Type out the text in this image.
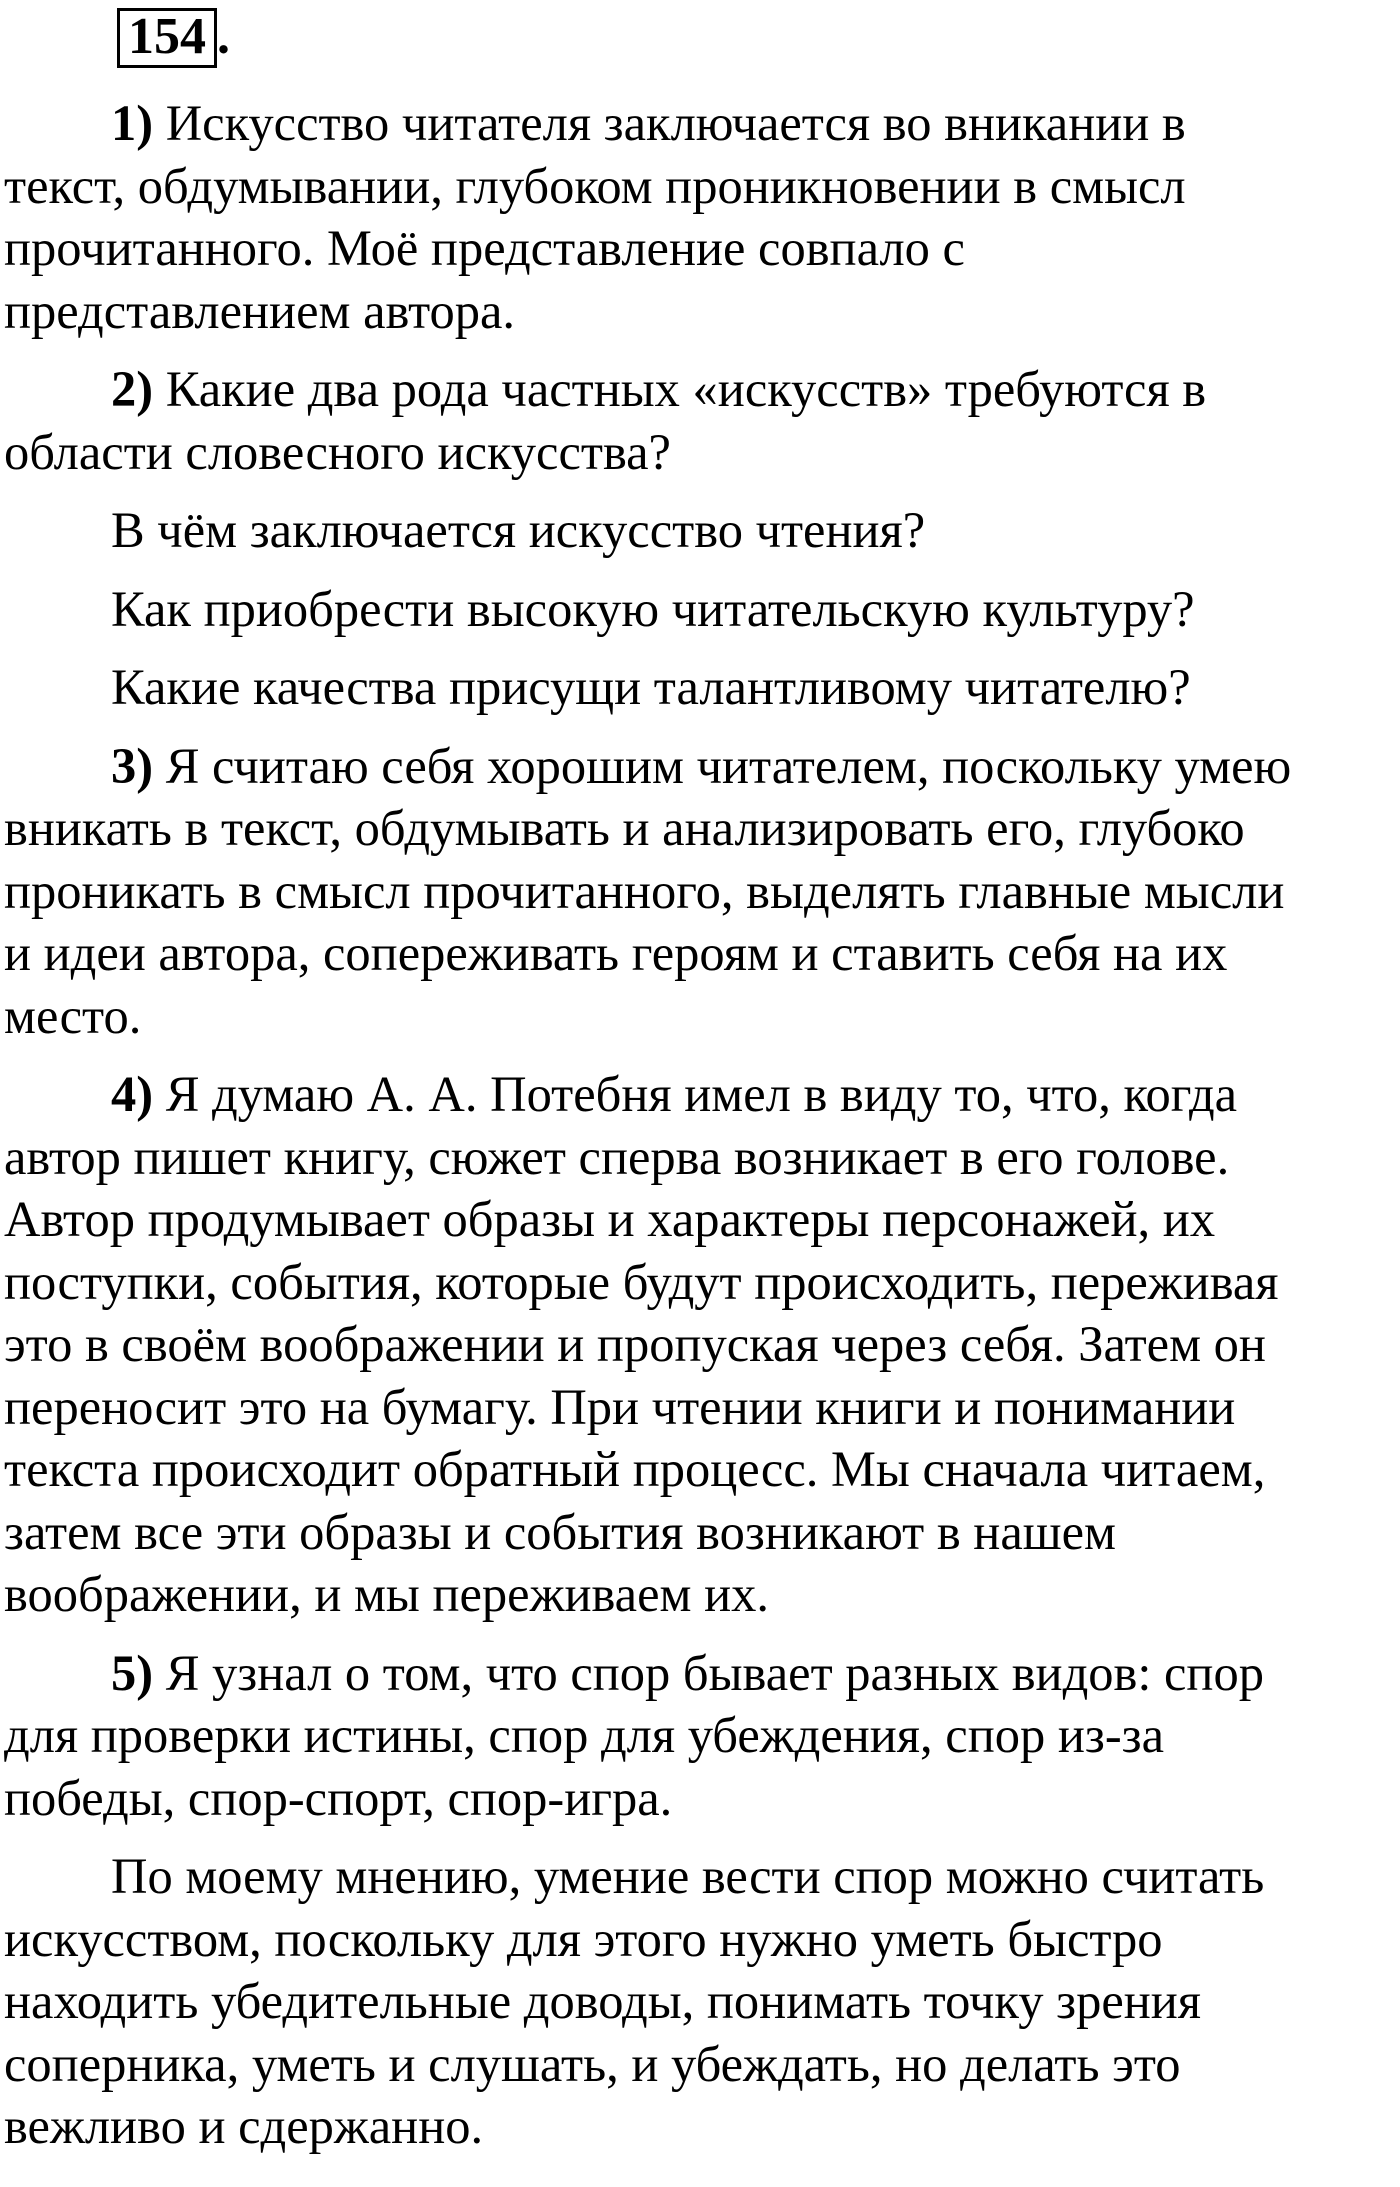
154 .

1) Искусство читателя заключается во вникании в
текст, обдумывании, глубоком проникновении в смысл
прочитанного. Моё представление совпало с
представлением автора.

2) Какие два рода частных «искусств» требуются в
области словесного искусства?

В чём заключается искусство чтения?

Как приобрести высокую читательскую культуру?

Какие качества присущи талантливому читателю?

3) Я считаю себя хорошим читателем, поскольку умею
вникать в текст, обдумывать и анализировать его, глубоко
проникать в смысл прочитанного, выделять главные мысли
и идеи автора, сопереживать героям и ставить себя на их
место.

4) Я думаю А. А. Потебня имел в виду то, что, когда
автор пишет книгу, сюжет сперва возникает в его голове.
Автор продумывает образы и характеры персонажей, их
поступки, события, которые будут происходить, переживая
это в своём воображении и пропуская через себя. Затем он
переносит это на бумагу. При чтении книги и понимании
текста происходит обратный процесс. Мы сначала читаем,
затем все эти образы и события возникают в нашем
воображении, и мы переживаем их.

5) Я узнал о том, что спор бывает разных видов: спор
для проверки истины, спор для убеждения, спор из-за
победы, спор-спорт, спор-игра.

По моему мнению, умение вести спор можно считать
искусством, поскольку для этого нужно уметь быстро
находить убедительные доводы, понимать точку зрения
соперника, уметь и слушать, и убеждать, но делать это
вежливо и сдержанно.
